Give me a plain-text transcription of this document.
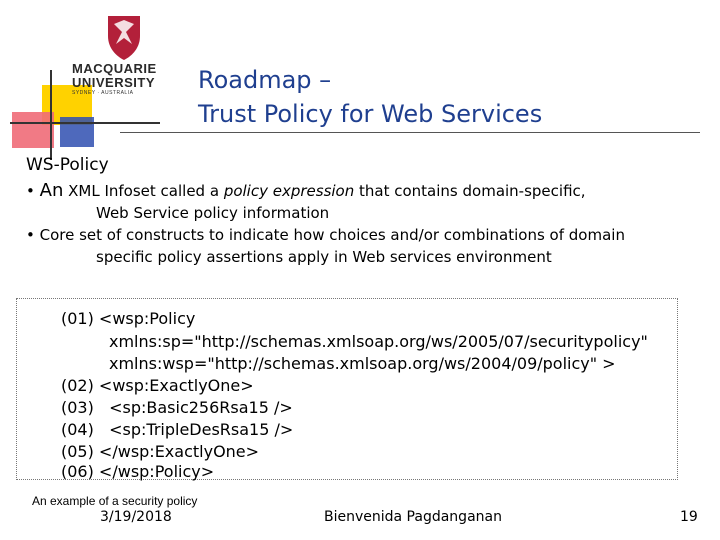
MACQUARIE
UNIVERSITY
SYDNEY · AUSTRALIA	Roadmap –
Trust Policy for Web Services
WS-Policy
• An XML Infoset called a policy expression that contains domain-specific,
Web Service policy information
• Core set of constructs to indicate how choices and/or combinations of domain
specific policy assertions apply in Web services environment
(01) <wsp:Policy
xmlns:sp="http://schemas.xmlsoap.org/ws/2005/07/securitypolicy"
xmlns:wsp="http://schemas.xmlsoap.org/ws/2004/09/policy" >
(02) <wsp:ExactlyOne>
(03)   <sp:Basic256Rsa15 />
(04)   <sp:TripleDesRsa15 />
(05) </wsp:ExactlyOne>
(06) </wsp:Policy>
An example of a security policy
3/19/2018	Bienvenida Pagdanganan	19
